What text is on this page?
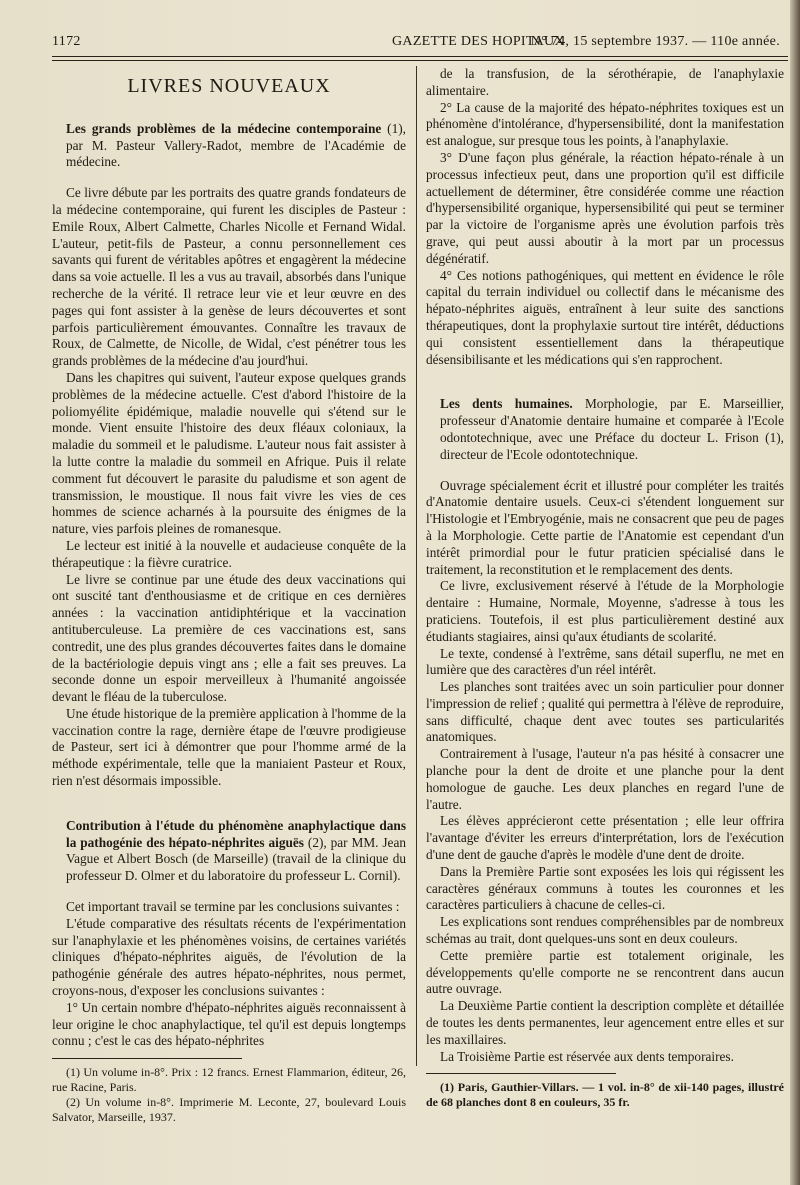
1172	GAZETTE DES HOPITAUX
N° 74, 15 septembre 1937. — 110e année.

LIVRES NOUVEAUX

Les grands problèmes de la médecine contemporaine (1), par M. Pasteur Vallery-Radot, membre de l'Académie de médecine.

Ce livre débute par les portraits des quatre grands fondateurs de la médecine contemporaine, qui furent les disciples de Pasteur : Emile Roux, Albert Calmette, Charles Nicolle et Fernand Widal. L'auteur, petit-fils de Pasteur, a connu personnellement ces savants qui furent de véritables apôtres et engagèrent la médecine dans sa voie actuelle. Il les a vus au travail, absorbés dans l'unique recherche de la vérité. Il retrace leur vie et leur œuvre en des pages qui font assister à la genèse de leurs découvertes et sont parfois particulièrement émouvantes. Connaître les travaux de Roux, de Calmette, de Nicolle, de Widal, c'est pénétrer tous les grands problèmes de la médecine d'au jourd'hui.

Dans les chapitres qui suivent, l'auteur expose quelques grands problèmes de la médecine actuelle. C'est d'abord l'histoire de la poliomyélite épidémique, maladie nouvelle qui s'étend sur le monde. Vient ensuite l'histoire des deux fléaux coloniaux, la maladie du sommeil et le paludisme. L'auteur nous fait assister à la lutte contre la maladie du sommeil en Afrique. Puis il relate comment fut découvert le parasite du paludisme et son agent de transmission, le moustique. Il nous fait vivre les vies de ces hommes de science acharnés à la poursuite des énigmes de la nature, vies parfois pleines de romanesque.

Le lecteur est initié à la nouvelle et audacieuse conquête de la thérapeutique : la fièvre curatrice.

Le livre se continue par une étude des deux vaccinations qui ont suscité tant d'enthousiasme et de critique en ces dernières années : la vaccination antidiphtérique et la vaccination antituberculeuse. La première de ces vaccinations est, sans contredit, une des plus grandes découvertes faites dans le domaine de la bactériologie depuis vingt ans ; elle a fait ses preuves. La seconde donne un espoir merveilleux à l'humanité angoissée devant le fléau de la tuberculose.

Une étude historique de la première application à l'homme de la vaccination contre la rage, dernière étape de l'œuvre prodigieuse de Pasteur, sert ici à démontrer que pour l'homme armé de la méthode expérimentale, telle que la maniaient Pasteur et Roux, rien n'est désormais impossible.

Contribution à l'étude du phénomène anaphylactique dans la pathogénie des hépato-néphrites aiguës (2), par MM. Jean Vague et Albert Bosch (de Marseille) (travail de la clinique du professeur D. Olmer et du laboratoire du professeur L. Cornil).

Cet important travail se termine par les conclusions suivantes :

L'étude comparative des résultats récents de l'expérimentation sur l'anaphylaxie et les phénomènes voisins, de certaines variétés cliniques d'hépato-néphrites aiguës, de l'évolution de la pathogénie générale des autres hépato-néphrites, nous permet, croyons-nous, d'exposer les conclusions suivantes :

1° Un certain nombre d'hépato-néphrites aiguës reconnaissent à leur origine le choc anaphylactique, tel qu'il est depuis longtemps connu ; c'est le cas des hépato-néphrites

(1) Un volume in-8°. Prix : 12 francs. Ernest Flammarion, éditeur, 26, rue Racine, Paris.

(2) Un volume in-8°. Imprimerie M. Leconte, 27, boulevard Louis Salvator, Marseille, 1937.

de la transfusion, de la sérothérapie, de l'anaphylaxie alimentaire.

2° La cause de la majorité des hépato-néphrites toxiques est un phénomène d'intolérance, d'hypersensibilité, dont la manifestation est analogue, sur presque tous les points, à l'anaphylaxie.

3° D'une façon plus générale, la réaction hépato-rénale à un processus infectieux peut, dans une proportion qu'il est difficile actuellement de déterminer, être considérée comme une réaction d'hypersensibilité organique, hypersensibilité qui peut se terminer par la victoire de l'organisme après une évolution parfois très grave, qui peut aussi aboutir à la mort par un processus dégénératif.

4° Ces notions pathogéniques, qui mettent en évidence le rôle capital du terrain individuel ou collectif dans le mécanisme des hépato-néphrites aiguës, entraînent à leur suite des sanctions thérapeutiques, dont la prophylaxie surtout tire intérêt, déductions qui consistent essentiellement dans la thérapeutique désensibilisante et les médications qui s'en rapprochent.

Les dents humaines. Morphologie, par E. Marseillier, professeur d'Anatomie dentaire humaine et comparée à l'Ecole odontotechnique, avec une Préface du docteur L. Frison (1), directeur de l'Ecole odontotechnique.

Ouvrage spécialement écrit et illustré pour compléter les traités d'Anatomie dentaire usuels. Ceux-ci s'étendent longuement sur l'Histologie et l'Embryogénie, mais ne consacrent que peu de pages à la Morphologie. Cette partie de l'Anatomie est cependant d'un intérêt primordial pour le futur praticien spécialisé dans le traitement, la reconstitution et le remplacement des dents.

Ce livre, exclusivement réservé à l'étude de la Morphologie dentaire : Humaine, Normale, Moyenne, s'adresse à tous les praticiens. Toutefois, il est plus particulièrement destiné aux étudiants stagiaires, ainsi qu'aux étudiants de scolarité.

Le texte, condensé à l'extrême, sans détail superflu, ne met en lumière que des caractères d'un réel intérêt.

Les planches sont traitées avec un soin particulier pour donner l'impression de relief ; qualité qui permettra à l'élève de reproduire, sans difficulté, chaque dent avec toutes ses particularités anatomiques.

Contrairement à l'usage, l'auteur n'a pas hésité à consacrer une planche pour la dent de droite et une planche pour la dent homologue de gauche. Les deux planches en regard l'une de l'autre.

Les élèves apprécieront cette présentation ; elle leur offrira l'avantage d'éviter les erreurs d'interprétation, lors de l'exécution d'une dent de gauche d'après le modèle d'une dent de droite.

Dans la Première Partie sont exposées les lois qui régissent les caractères généraux communs à toutes les couronnes et les caractères particuliers à chacune de celles-ci.

Les explications sont rendues compréhensibles par de nombreux schémas au trait, dont quelques-uns sont en deux couleurs.

Cette première partie est totalement originale, les développements qu'elle comporte ne se rencontrent dans aucun autre ouvrage.

La Deuxième Partie contient la description complète et détaillée de toutes les dents permanentes, leur agencement entre elles et sur les maxillaires.

La Troisième Partie est réservée aux dents temporaires.

(1) Paris, Gauthier-Villars. — 1 vol. in-8° de xii-140 pages, illustré de 68 planches dont 8 en couleurs, 35 fr.
